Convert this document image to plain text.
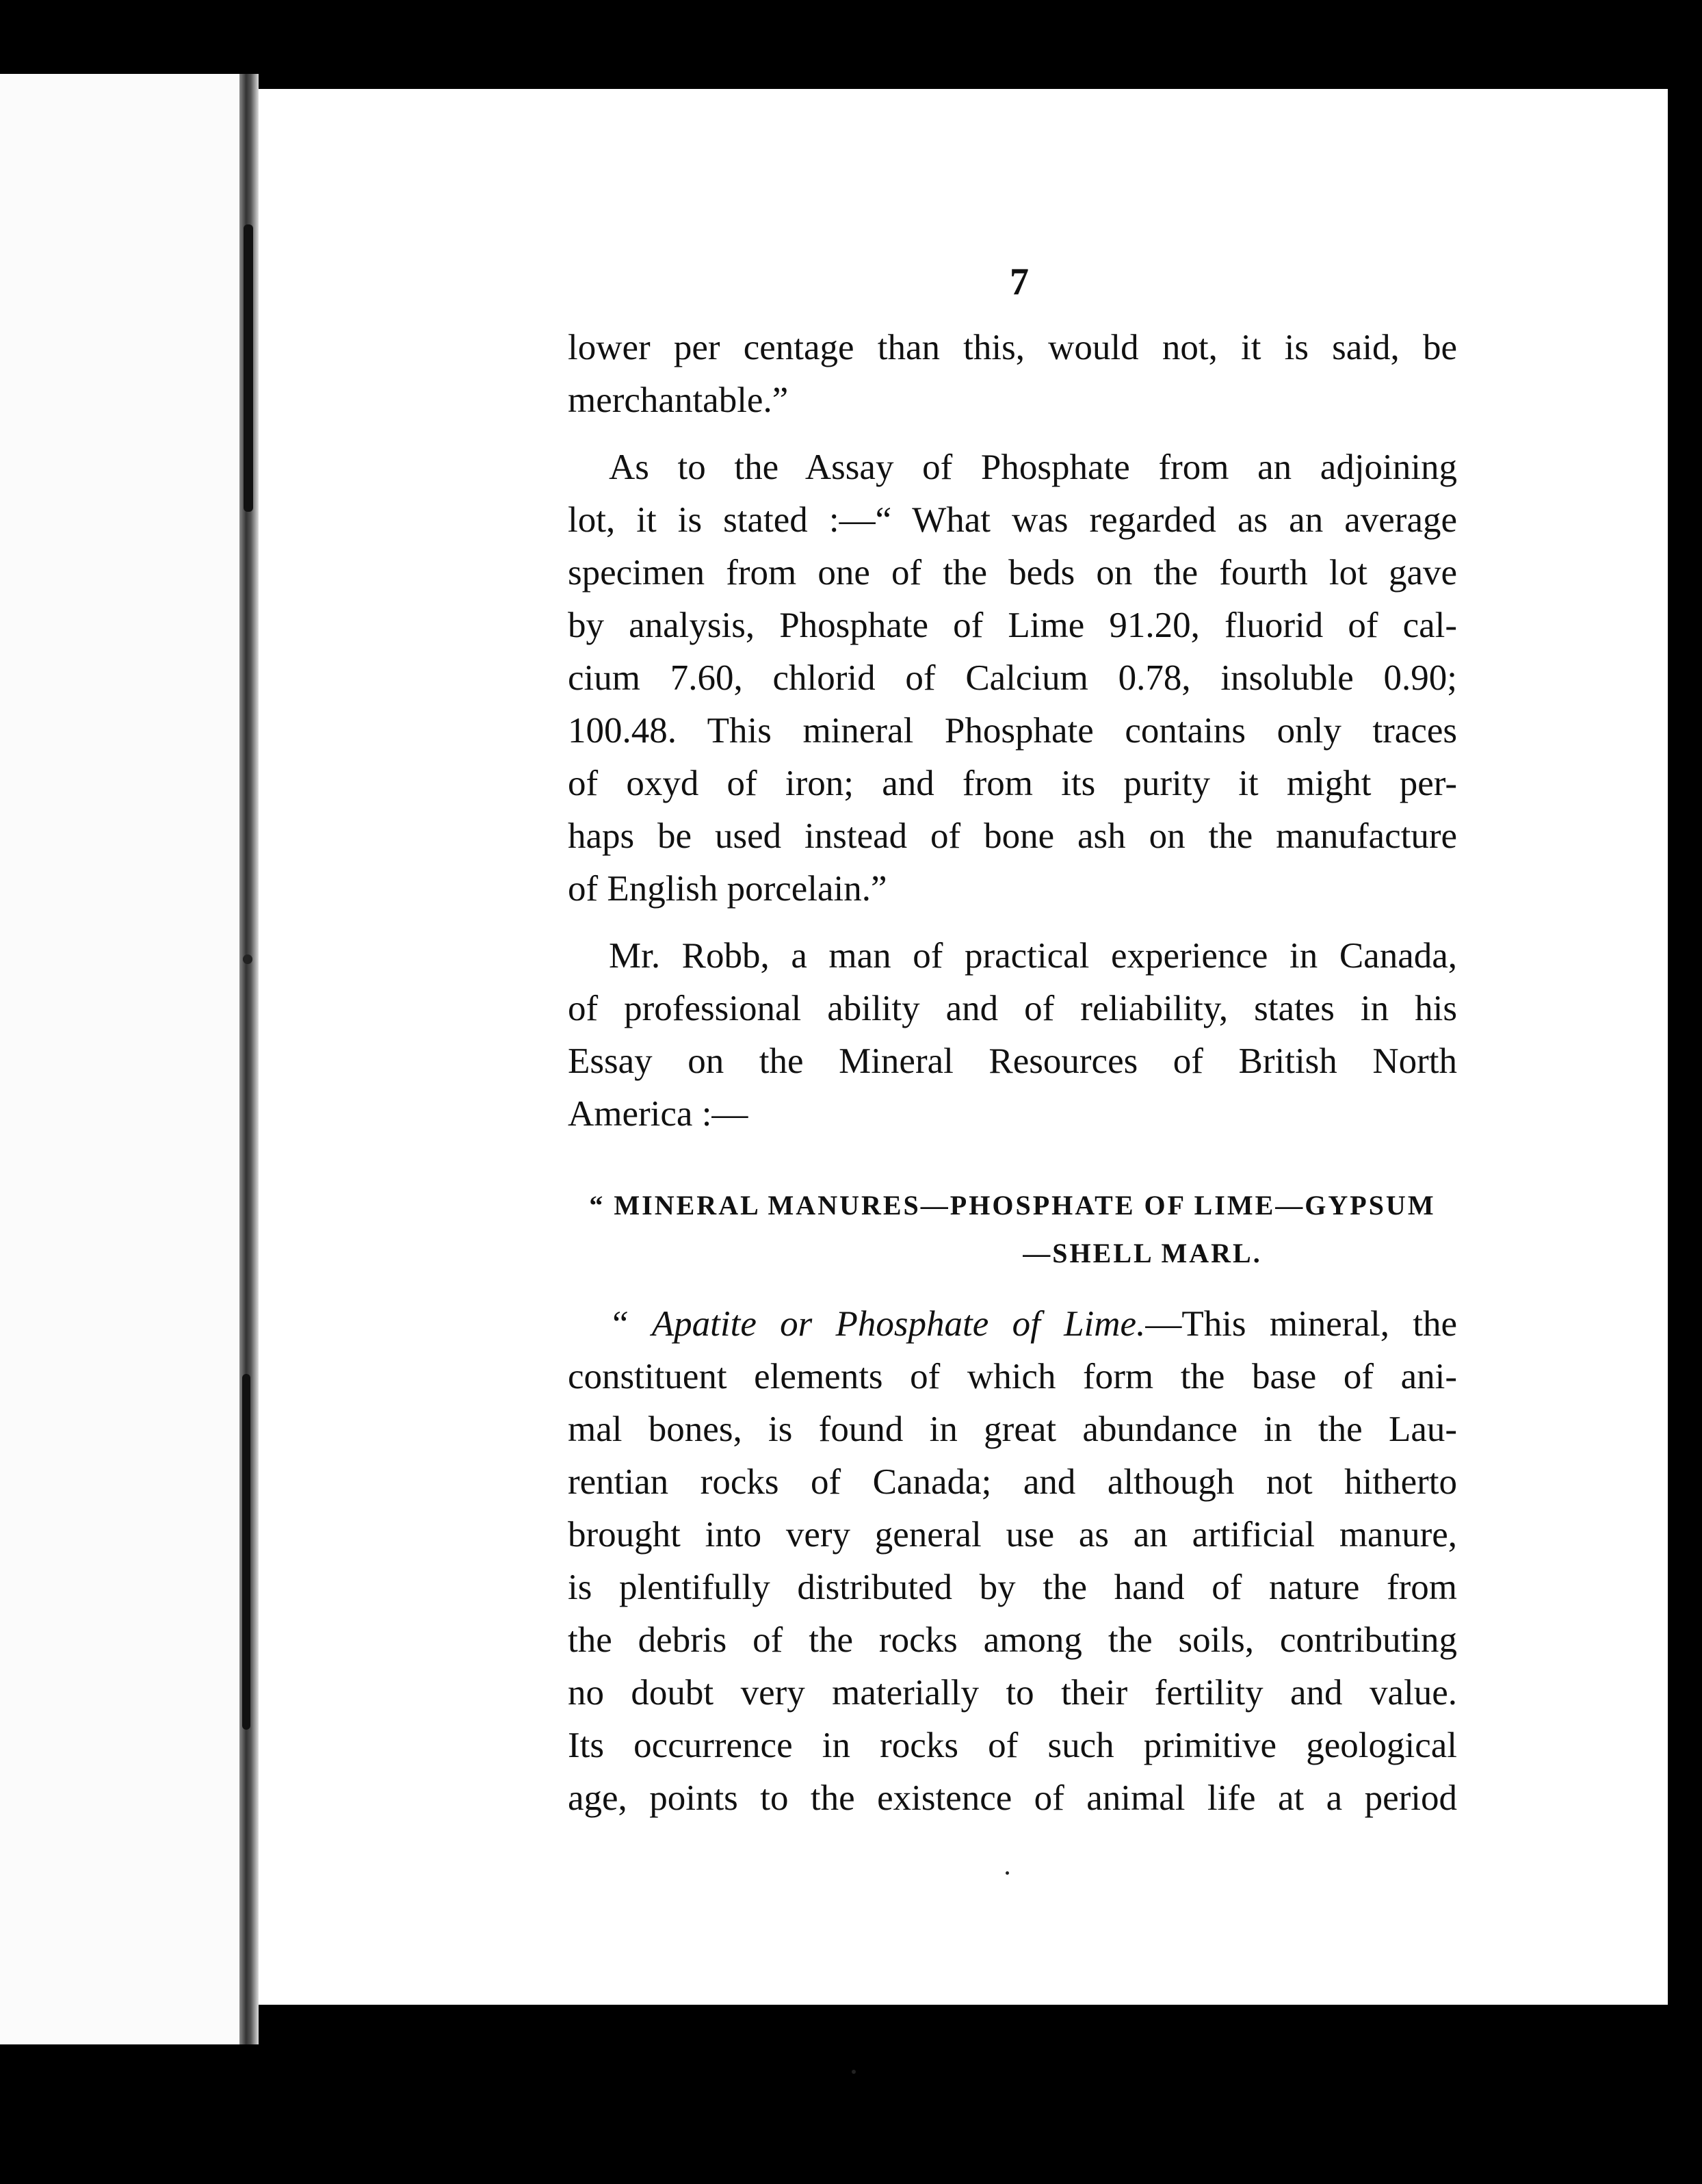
7

lower per centage than this, would not, it is said, be
merchantable.”

As to the Assay of Phosphate from an adjoining
lot, it is stated :—“ What was regarded as an average
specimen from one of the beds on the fourth lot gave
by analysis, Phosphate of Lime 91.20, fluorid of cal-
cium 7.60, chlorid of Calcium 0.78, insoluble 0.90;
100.48. This mineral Phosphate contains only traces
of oxyd of iron; and from its purity it might per-
haps be used instead of bone ash on the manufacture
of English porcelain.”

Mr. Robb, a man of practical experience in Canada,
of professional ability and of reliability, states in his
Essay on the Mineral Resources of British North
America :—

“ MINERAL MANURES—PHOSPHATE OF LIME—GYPSUM
—SHELL MARL.

“ Apatite or Phosphate of Lime.—This mineral, the
constituent elements of which form the base of ani-
mal bones, is found in great abundance in the Lau-
rentian rocks of Canada; and although not hitherto
brought into very general use as an artificial manure,
is plentifully distributed by the hand of nature from
the debris of the rocks among the soils, contributing
no doubt very materially to their fertility and value.
Its occurrence in rocks of such primitive geological
age, points to the existence of animal life at a period
